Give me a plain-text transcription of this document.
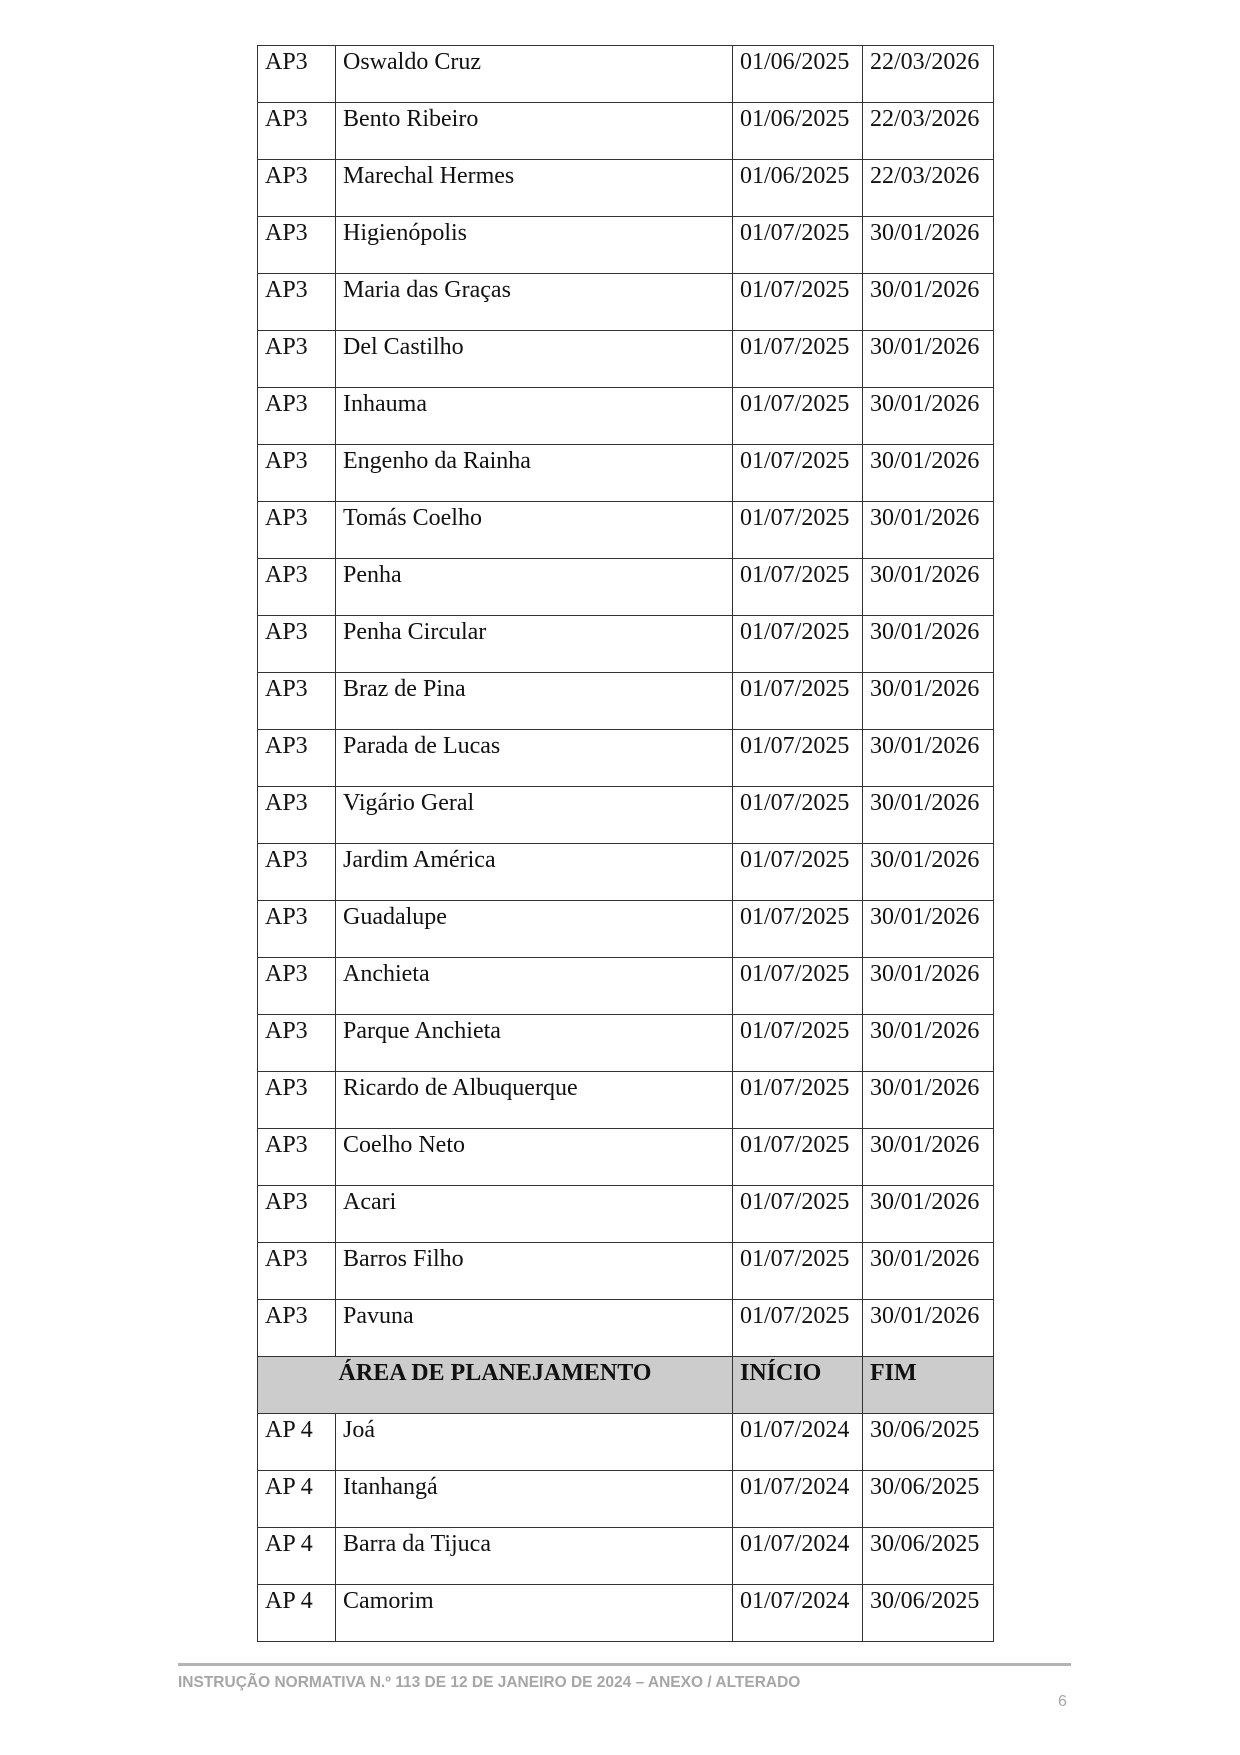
AP3	Oswaldo Cruz	01/06/2025	22/03/2026
AP3	Bento Ribeiro	01/06/2025	22/03/2026
AP3	Marechal Hermes	01/06/2025	22/03/2026
AP3	Higienópolis	01/07/2025	30/01/2026
AP3	Maria das Graças	01/07/2025	30/01/2026
AP3	Del Castilho	01/07/2025	30/01/2026
AP3	Inhauma	01/07/2025	30/01/2026
AP3	Engenho da Rainha	01/07/2025	30/01/2026
AP3	Tomás Coelho	01/07/2025	30/01/2026
AP3	Penha	01/07/2025	30/01/2026
AP3	Penha Circular	01/07/2025	30/01/2026
AP3	Braz de Pina	01/07/2025	30/01/2026
AP3	Parada de Lucas	01/07/2025	30/01/2026
AP3	Vigário Geral	01/07/2025	30/01/2026
AP3	Jardim América	01/07/2025	30/01/2026
AP3	Guadalupe	01/07/2025	30/01/2026
AP3	Anchieta	01/07/2025	30/01/2026
AP3	Parque Anchieta	01/07/2025	30/01/2026
AP3	Ricardo de Albuquerque	01/07/2025	30/01/2026
AP3	Coelho Neto	01/07/2025	30/01/2026
AP3	Acari	01/07/2025	30/01/2026
AP3	Barros Filho	01/07/2025	30/01/2026
AP3	Pavuna	01/07/2025	30/01/2026
ÁREA DE PLANEJAMENTO		INÍCIO	FIM
AP 4	Joá	01/07/2024	30/06/2025
AP 4	Itanhangá	01/07/2024	30/06/2025
AP 4	Barra da Tijuca	01/07/2024	30/06/2025
AP 4	Camorim	01/07/2024	30/06/2025
INSTRUÇÃO NORMATIVA N.º 113 DE 12 DE JANEIRO DE 2024 – ANEXO / ALTERADO
6
